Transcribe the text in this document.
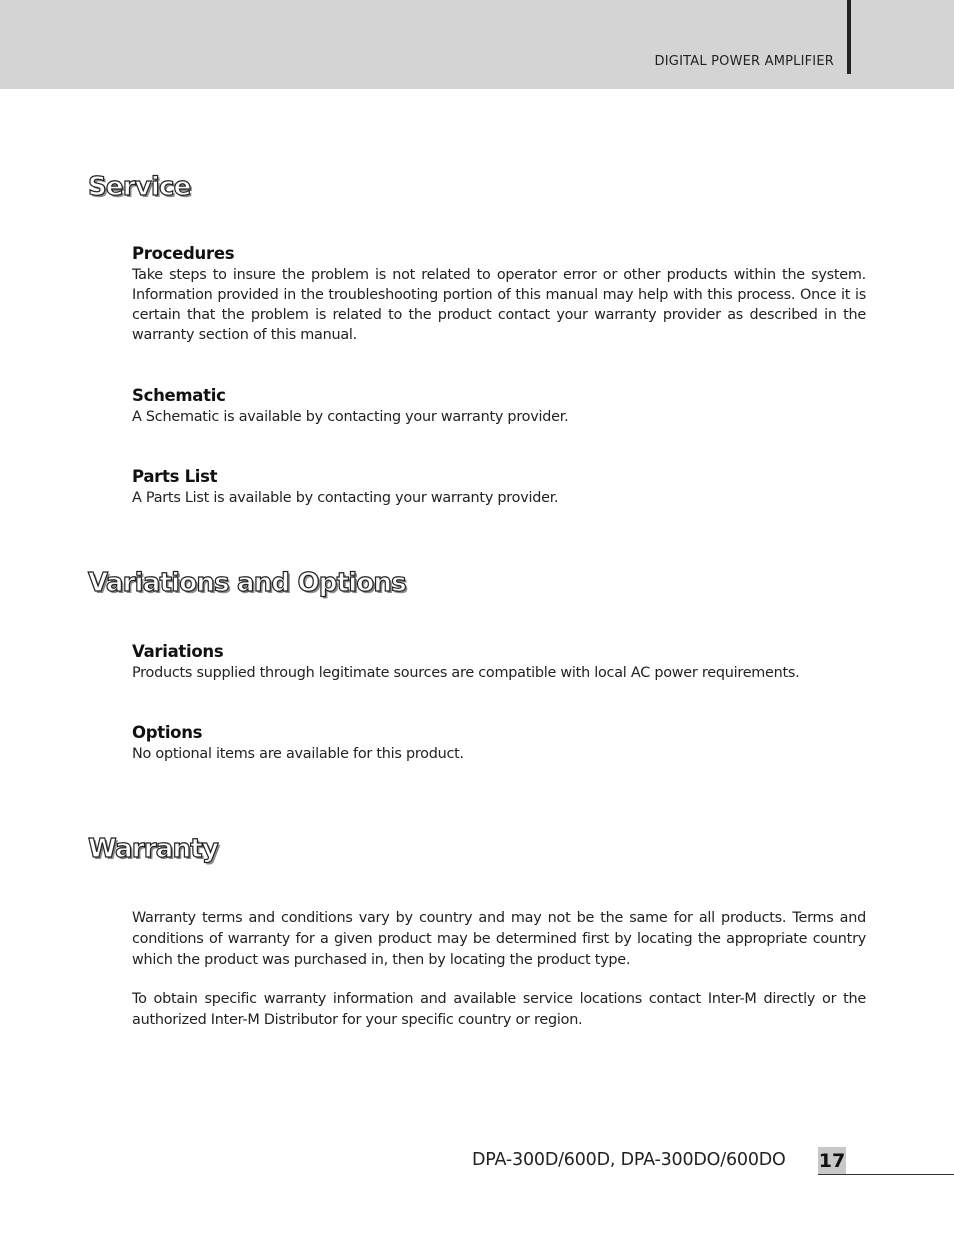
DIGITAL POWER AMPLIFIER
Service
Procedures

Take steps to insure the problem is not related to operator error or other products within the system. Information provided in the troubleshooting portion of this manual may help with this process. Once it is certain that the problem is related to the product contact your warranty provider as described in the warranty section of this manual.

Schematic

A Schematic is available by contacting your warranty provider.

Parts List

A Parts List is available by contacting your warranty provider.

Variations and Options
Variations

Products supplied through legitimate sources are compatible with local AC power requirements.

Options

No optional items are available for this product.

Warranty

Warranty terms and conditions vary by country and may not be the same for all products. Terms and conditions of warranty for a given product may be determined first by locating the appropriate country which the product was purchased in, then by locating the product type.

To obtain specific warranty information and available service locations contact Inter-M directly or the authorized Inter-M Distributor for your specific country or region.

DPA-300D/600D, DPA-300DO/600DO 17
